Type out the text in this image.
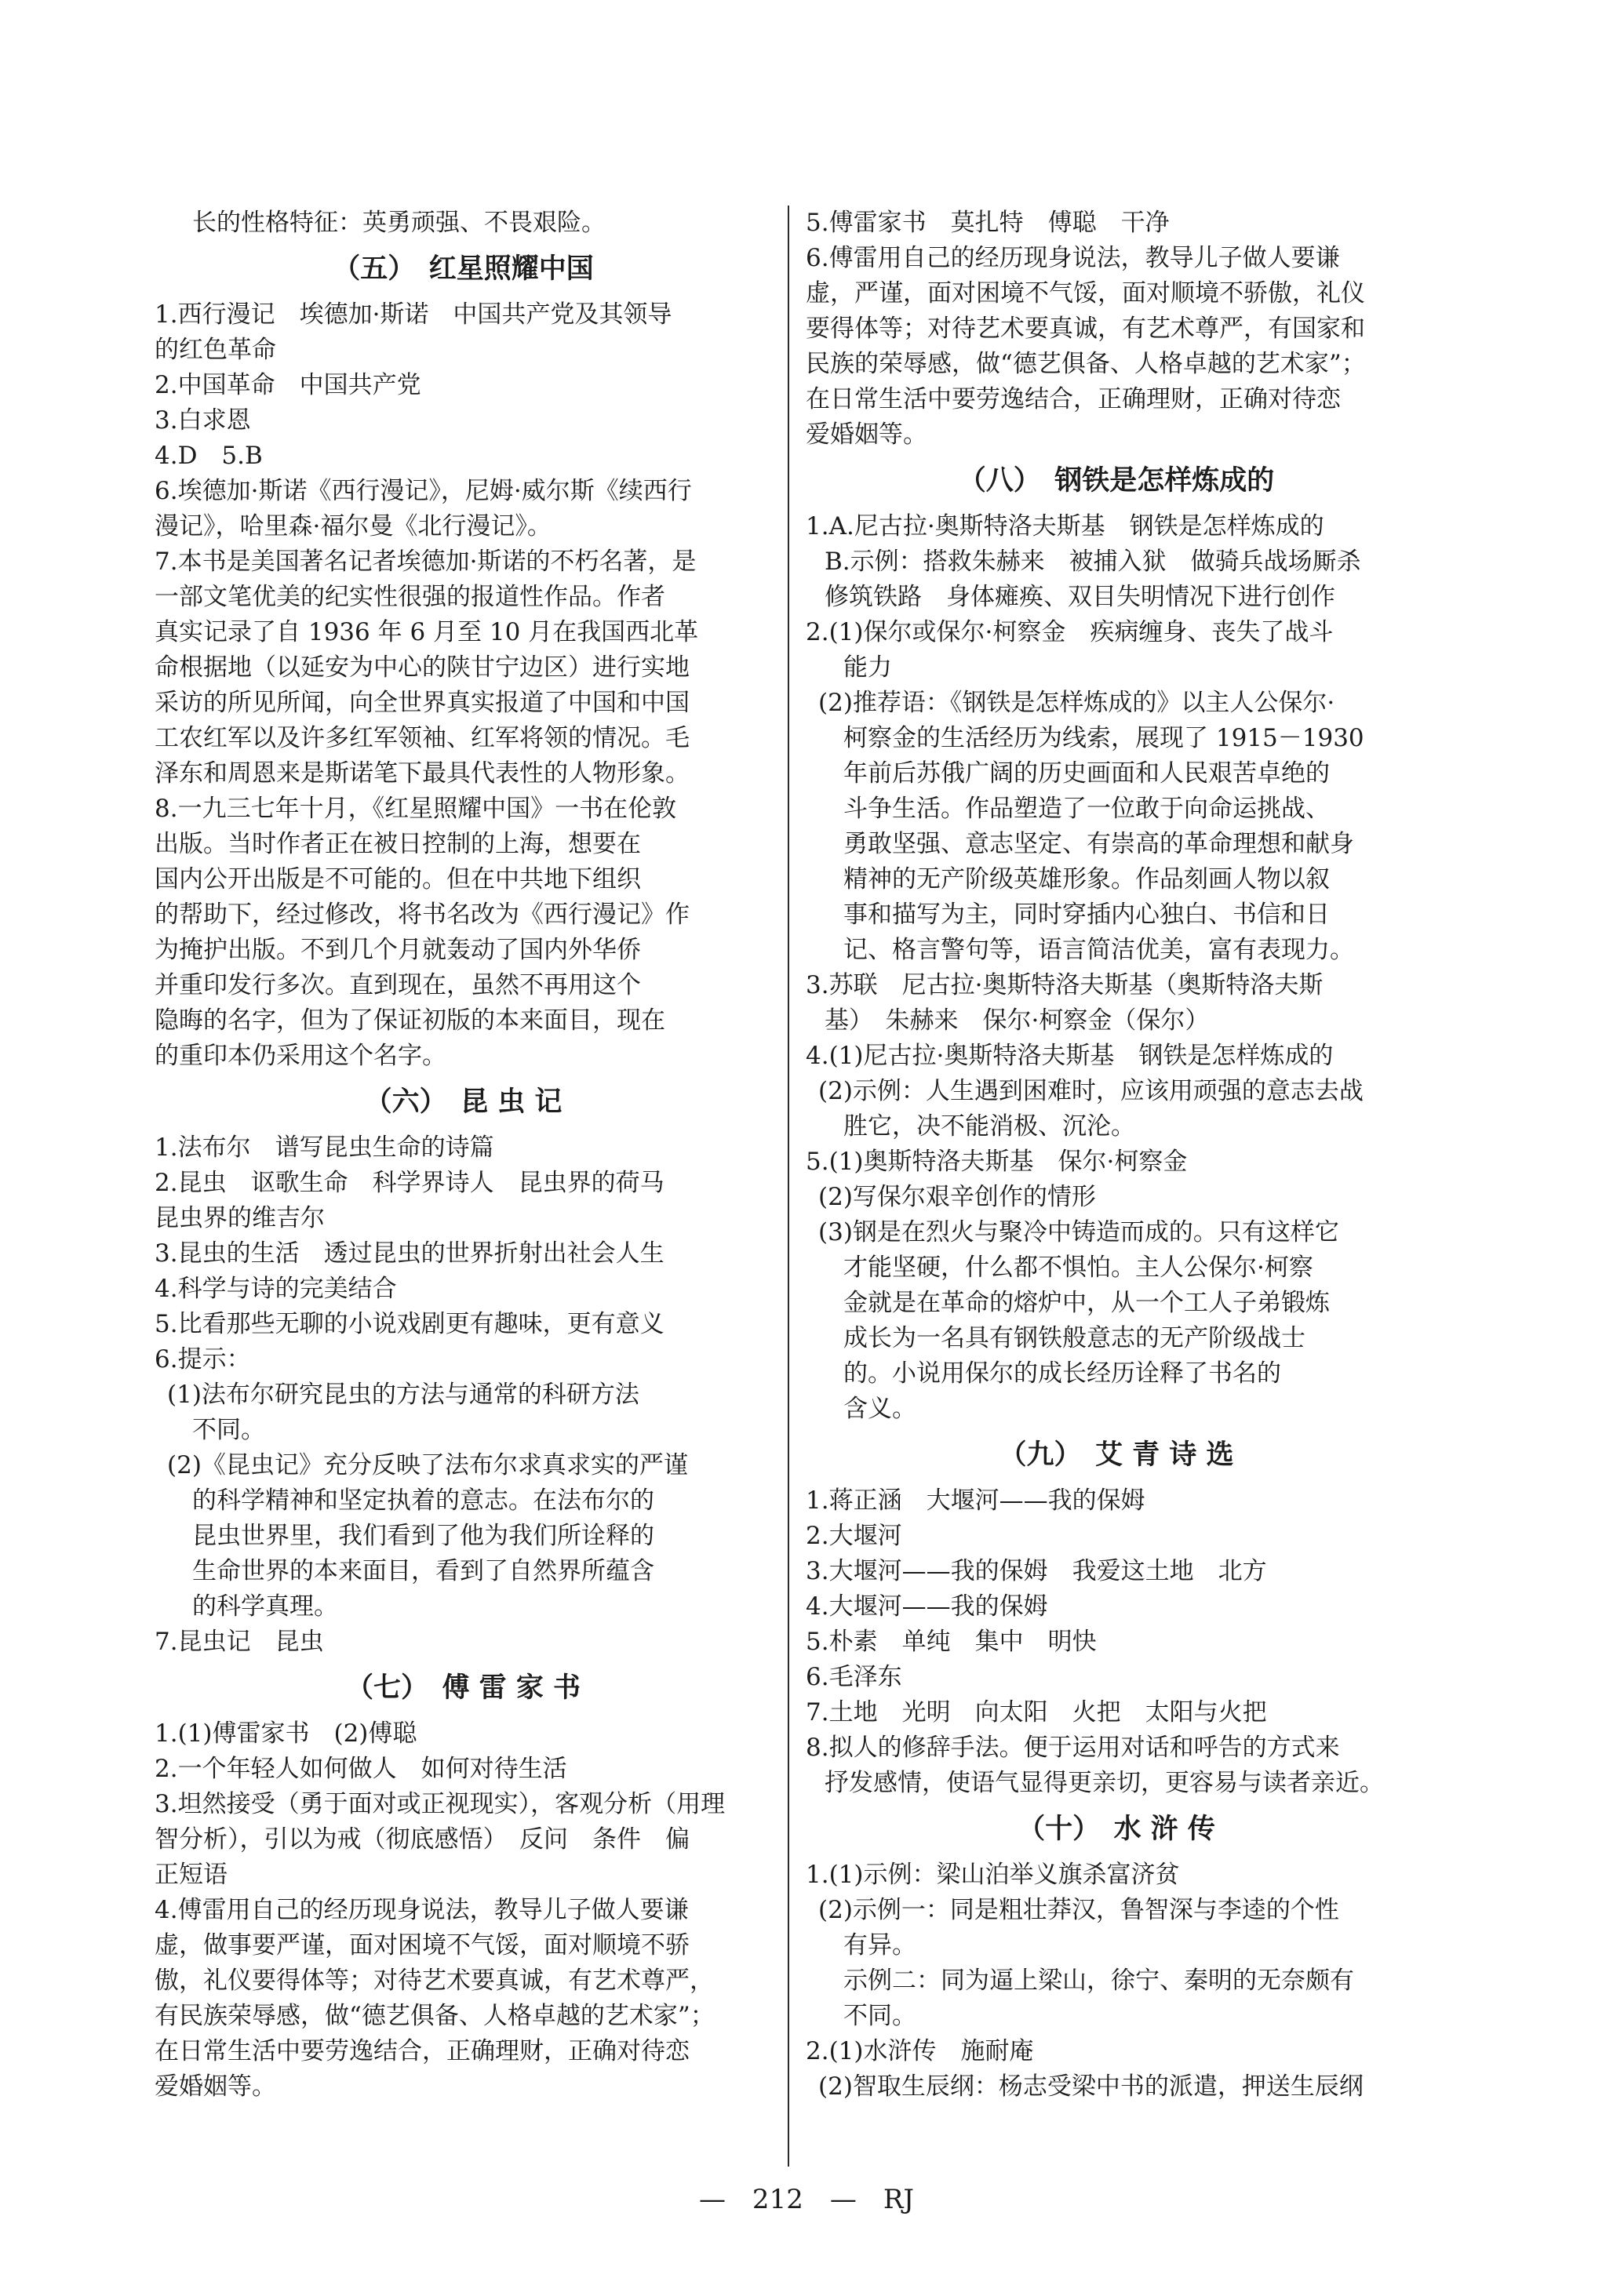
长的性格特征：英勇顽强、不畏艰险。
（五）　红星照耀中国
1.西行漫记　埃德加·斯诺　中国共产党及其领导
的红色革命
2.中国革命　中国共产党
3.白求恩
4.D　5.B
6.埃德加·斯诺《西行漫记》，尼姆·威尔斯《续西行
漫记》，哈里森·福尔曼《北行漫记》。
7.本书是美国著名记者埃德加·斯诺的不朽名著，是
一部文笔优美的纪实性很强的报道性作品。作者
真实记录了自 1936 年 6 月至 10 月在我国西北革
命根据地（以延安为中心的陕甘宁边区）进行实地
采访的所见所闻，向全世界真实报道了中国和中国
工农红军以及许多红军领袖、红军将领的情况。毛
泽东和周恩来是斯诺笔下最具代表性的人物形象。
8.一九三七年十月，《红星照耀中国》一书在伦敦
出版。当时作者正在被日控制的上海，想要在
国内公开出版是不可能的。但在中共地下组织
的帮助下，经过修改，将书名改为《西行漫记》作
为掩护出版。不到几个月就轰动了国内外华侨
并重印发行多次。直到现在，虽然不再用这个
隐晦的名字，但为了保证初版的本来面目，现在
的重印本仍采用这个名字。
（六）　昆 虫 记
1.法布尔　谱写昆虫生命的诗篇
2.昆虫　讴歌生命　科学界诗人　昆虫界的荷马
昆虫界的维吉尔
3.昆虫的生活　透过昆虫的世界折射出社会人生
4.科学与诗的完美结合
5.比看那些无聊的小说戏剧更有趣味，更有意义
6.提示：
(1)法布尔研究昆虫的方法与通常的科研方法
不同。
(2)《昆虫记》充分反映了法布尔求真求实的严谨
的科学精神和坚定执着的意志。在法布尔的
昆虫世界里，我们看到了他为我们所诠释的
生命世界的本来面目，看到了自然界所蕴含
的科学真理。
7.昆虫记　昆虫
（七）　傅 雷 家 书
1.(1)傅雷家书　(2)傅聪
2.一个年轻人如何做人　如何对待生活
3.坦然接受（勇于面对或正视现实），客观分析（用理
智分析），引以为戒（彻底感悟）　反问　条件　偏
正短语
4.傅雷用自己的经历现身说法，教导儿子做人要谦
虚，做事要严谨，面对困境不气馁，面对顺境不骄
傲，礼仪要得体等；对待艺术要真诚，有艺术尊严，
有民族荣辱感，做“德艺俱备、人格卓越的艺术家”；
在日常生活中要劳逸结合，正确理财，正确对待恋
爱婚姻等。
5.傅雷家书　莫扎特　傅聪　干净
6.傅雷用自己的经历现身说法，教导儿子做人要谦
虚，严谨，面对困境不气馁，面对顺境不骄傲，礼仪
要得体等；对待艺术要真诚，有艺术尊严，有国家和
民族的荣辱感，做“德艺俱备、人格卓越的艺术家”；
在日常生活中要劳逸结合，正确理财，正确对待恋
爱婚姻等。
（八）　钢铁是怎样炼成的
1.A.尼古拉·奥斯特洛夫斯基　钢铁是怎样炼成的
B.示例：搭救朱赫来　被捕入狱　做骑兵战场厮杀
修筑铁路　身体瘫痪、双目失明情况下进行创作
2.(1)保尔或保尔·柯察金　疾病缠身、丧失了战斗
能力
(2)推荐语：《钢铁是怎样炼成的》以主人公保尔·
柯察金的生活经历为线索，展现了 1915－1930
年前后苏俄广阔的历史画面和人民艰苦卓绝的
斗争生活。作品塑造了一位敢于向命运挑战、
勇敢坚强、意志坚定、有崇高的革命理想和献身
精神的无产阶级英雄形象。作品刻画人物以叙
事和描写为主，同时穿插内心独白、书信和日
记、格言警句等，语言简洁优美，富有表现力。
3.苏联　尼古拉·奥斯特洛夫斯基（奥斯特洛夫斯
基）　朱赫来　保尔·柯察金（保尔）
4.(1)尼古拉·奥斯特洛夫斯基　钢铁是怎样炼成的
(2)示例：人生遇到困难时，应该用顽强的意志去战
胜它，决不能消极、沉沦。
5.(1)奥斯特洛夫斯基　保尔·柯察金
(2)写保尔艰辛创作的情形
(3)钢是在烈火与聚冷中铸造而成的。只有这样它
才能坚硬，什么都不惧怕。主人公保尔·柯察
金就是在革命的熔炉中，从一个工人子弟锻炼
成长为一名具有钢铁般意志的无产阶级战士
的。小说用保尔的成长经历诠释了书名的
含义。
（九）　艾 青 诗 选
1.蒋正涵　大堰河——我的保姆
2.大堰河
3.大堰河——我的保姆　我爱这土地　北方
4.大堰河——我的保姆
5.朴素　单纯　集中　明快
6.毛泽东
7.土地　光明　向太阳　火把　太阳与火把
8.拟人的修辞手法。便于运用对话和呼告的方式来
抒发感情，使语气显得更亲切，更容易与读者亲近。
（十）　水 浒 传
1.(1)示例：梁山泊举义旗杀富济贫
(2)示例一：同是粗壮莽汉，鲁智深与李逵的个性
有异。
示例二：同为逼上梁山，徐宁、秦明的无奈颇有
不同。
2.(1)水浒传　施耐庵
(2)智取生辰纲：杨志受梁中书的派遣，押送生辰纲
—　212　—　RJ
